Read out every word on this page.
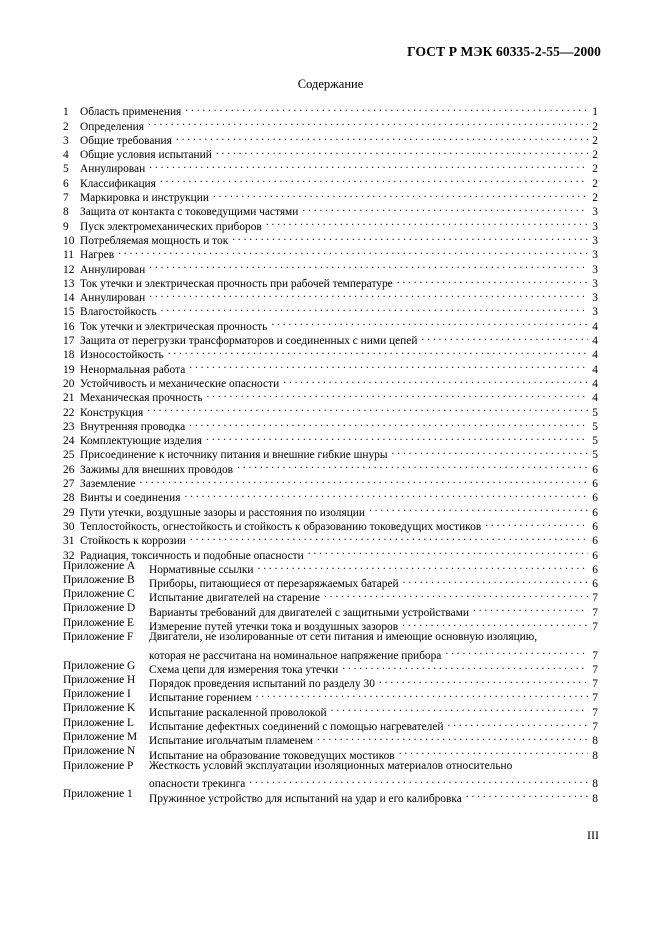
ГОСТ Р МЭК 60335-2-55—2000
Содержание
1 Область применения . . .	1
2 Определения . . .	2
3 Общие требования . . .	2
4 Общие условия испытаний . . .	2
5 Аннулирован . . .	2
6 Классификация . . .	2
7 Маркировка и инструкции . . .	2
8 Защита от контакта с токоведущими частями . . .	3
9 Пуск электромеханических приборов . . .	3
10 Потребляемая мощность и ток . . .	3
11 Нагрев . . .	3
12 Аннулирован . . .	3
13 Ток утечки и электрическая прочность при рабочей температуре . . .	3
14 Аннулирован . . .	3
15 Влагостойкость . . .	3
16 Ток утечки и электрическая прочность . . .	4
17 Защита от перегрузки трансформаторов и соединенных с ними цепей . . .	4
18 Износостойкость . . .	4
19 Ненормальная работа . . .	4
20 Устойчивость и механические опасности . . .	4
21 Механическая прочность . . .	4
22 Конструкция . . .	5
23 Внутренняя проводка . . .	5
24 Комплектующие изделия . . .	5
25 Присоединение к источнику питания и внешние гибкие шнуры . . .	5
26 Зажимы для внешних проводов . . .	6
27 Заземление . . .	6
28 Винты и соединения . . .	6
29 Пути утечки, воздушные зазоры и расстояния по изоляции . . .	6
30 Теплостойкость, огнестойкость и стойкость к образованию токоведущих мостиков . . .	6
31 Стойкость к коррозии . . .	6
32 Радиация, токсичность и подобные опасности . . .	6
Приложение A	Нормативные ссылки . . .	6
Приложение B	Приборы, питающиеся от перезаряжаемых батарей . . .	6
Приложение C	Испытание двигателей на старение . . .	7
Приложение D	Варианты требований для двигателей с защитными устройствами . . .	7
Приложение E	Измерение путей утечки тока и воздушных зазоров . . .	7
Приложение F	Двигатели, не изолированные от сети питания и имеющие основную изоляцию,
которая не рассчитана на номинальное напряжение прибора . . .	7
Приложение G	Схема цепи для измерения тока утечки . . .	7
Приложение H	Порядок проведения испытаний по разделу 30 . . .	7
Приложение I	Испытание горением . . .	7
Приложение K	Испытание раскаленной проволокой . . .	7
Приложение L	Испытание дефектных соединений с помощью нагревателей . . .	7
Приложение M	Испытание игольчатым пламенем . . .	8
Приложение N	Испытание на образование токоведущих мостиков . . .	8
Приложение P	Жесткость условий эксплуатации изоляционных материалов относительно
опасности трекинга . . .	8
Приложение 1	Пружинное устройство для испытаний на удар и его калибровка . . .	8
III
